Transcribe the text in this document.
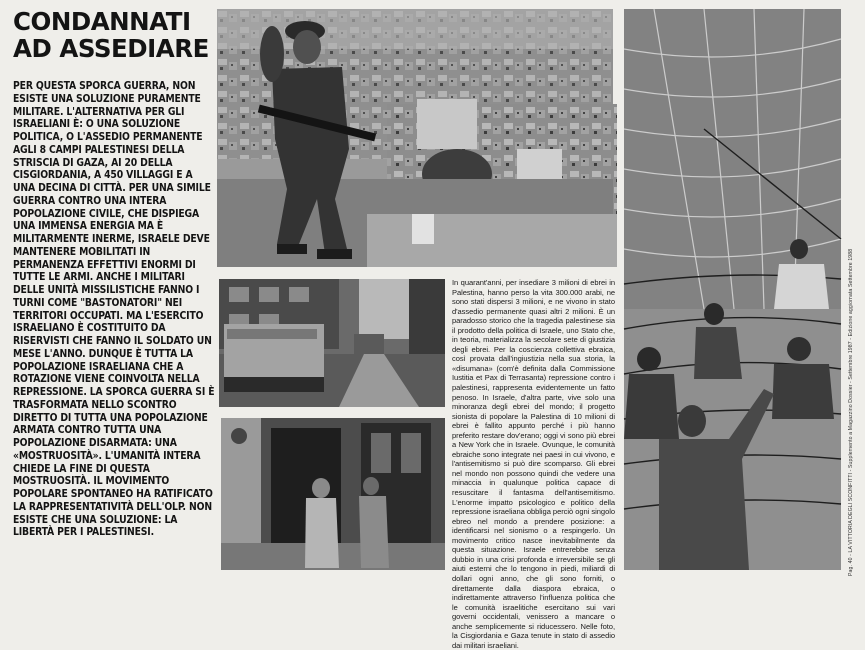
CONDANNATI
AD ASSEDIARE

PER QUESTA SPORCA GUERRA, NON ESISTE UNA SOLUZIONE PURAMENTE MILITARE. L'ALTERNATIVA PER GLI ISRAELIANI È: O UNA SOLUZIONE POLITICA, O L'ASSEDIO PERMANENTE AGLI 8 CAMPI PALESTINESI DELLA STRISCIA DI GAZA, AI 20 DELLA CISGIORDANIA, A 450 VILLAGGI E A UNA DECINA DI CITTÀ. PER UNA SIMILE GUERRA CONTRO UNA INTERA POPOLAZIONE CIVILE, CHE DISPIEGA UNA IMMENSA ENERGIA MA È MILITARMENTE INERME, ISRAELE DEVE MANTENERE MOBILITATI IN PERMANENZA EFFETTIVI ENORMI DI TUTTE LE ARMI. ANCHE I MILITARI DELLE UNITÀ MISSILISTICHE FANNO I TURNI COME "BASTONATORI" NEI TERRITORI OCCUPATI. MA L'ESERCITO ISRAELIANO È COSTITUITO DA RISERVISTI CHE FANNO IL SOLDATO UN MESE L'ANNO. DUNQUE È TUTTA LA POPOLAZIONE ISRAELIANA CHE A ROTAZIONE VIENE COINVOLTA NELLA REPRESSIONE. LA SPORCA GUERRA SI È TRASFORMATA NELLO SCONTRO DIRETTO DI TUTTA UNA POPOLAZIONE ARMATA CONTRO TUTTA UNA POPOLAZIONE DISARMATA: UNA «MOSTRUOSITÀ». L'UMANITÀ INTERA CHIEDE LA FINE DI QUESTA MOSTRUOSITÀ. IL MOVIMENTO POPOLARE SPONTANEO HA RATIFICATO LA RAPPRESENTATIVITÀ DELL'OLP. NON ESISTE CHE UNA SOLUZIONE: LA LIBERTÀ PER I PALESTINESI.

In quarant'anni, per insediare 3 milioni di ebrei in Palestina, hanno perso la vita 300.000 arabi, ne sono stati dispersi 3 milioni, e ne vivono in stato d'assedio permanente quasi altri 2 milioni. È un paradosso storico che la tragedia palestinese sia il prodotto della politica di Israele, uno Stato che, in teoria, materializza la secolare sete di giustizia degli ebrei. Per la coscienza collettiva ebraica, così provata dall'ingiustizia nella sua storia, la «disumana» (com'è definita dalla Commissione Iustitia et Pax di Terrasanta) repressione contro i palestinesi, rappresenta evidentemente un fatto penoso. In Israele, d'altra parte, vive solo una minoranza degli ebrei del mondo; il progetto sionista di popolare la Palestina di 10 milioni di ebrei è fallito appunto perché i più hanno preferito restare dov'erano; oggi vi sono più ebrei a New York che in Israele. Ovunque, le comunità ebraiche sono integrate nei paesi in cui vivono, e l'antisemitismo si può dire scomparso. Gli ebrei nel mondo non possono quindi che vedere una minaccia in qualunque politica capace di resuscitare il fantasma dell'antisemitismo. L'enorme impatto psicologico e politico della repressione israeliana obbliga perciò ogni singolo ebreo nel mondo a prendere posizione: a identificarsi nel sionismo o a respingerlo. Un movimento critico nasce inevitabilmente da questa situazione. Israele entrerebbe senza dubbio in una crisi profonda e irreversibile se gli aiuti esterni che lo tengono in piedi, miliardi di dollari ogni anno, che gli sono forniti, o direttamente dalla diaspora ebraica, o indirettamente attraverso l'influenza politica che le comunità israelitiche esercitano sui vari governi occidentali, venissero a mancare o anche semplicemente si riducessero. Nelle foto, la Cisgiordania e Gaza tenute in stato di assedio dai militari israeliani.

Pag. 40 - LA VITTORIA DEGLI SCONFITTI - Supplemento a Magazzino Dossier - Settembre 1987 - Edizione aggiornata Settembre 1988
